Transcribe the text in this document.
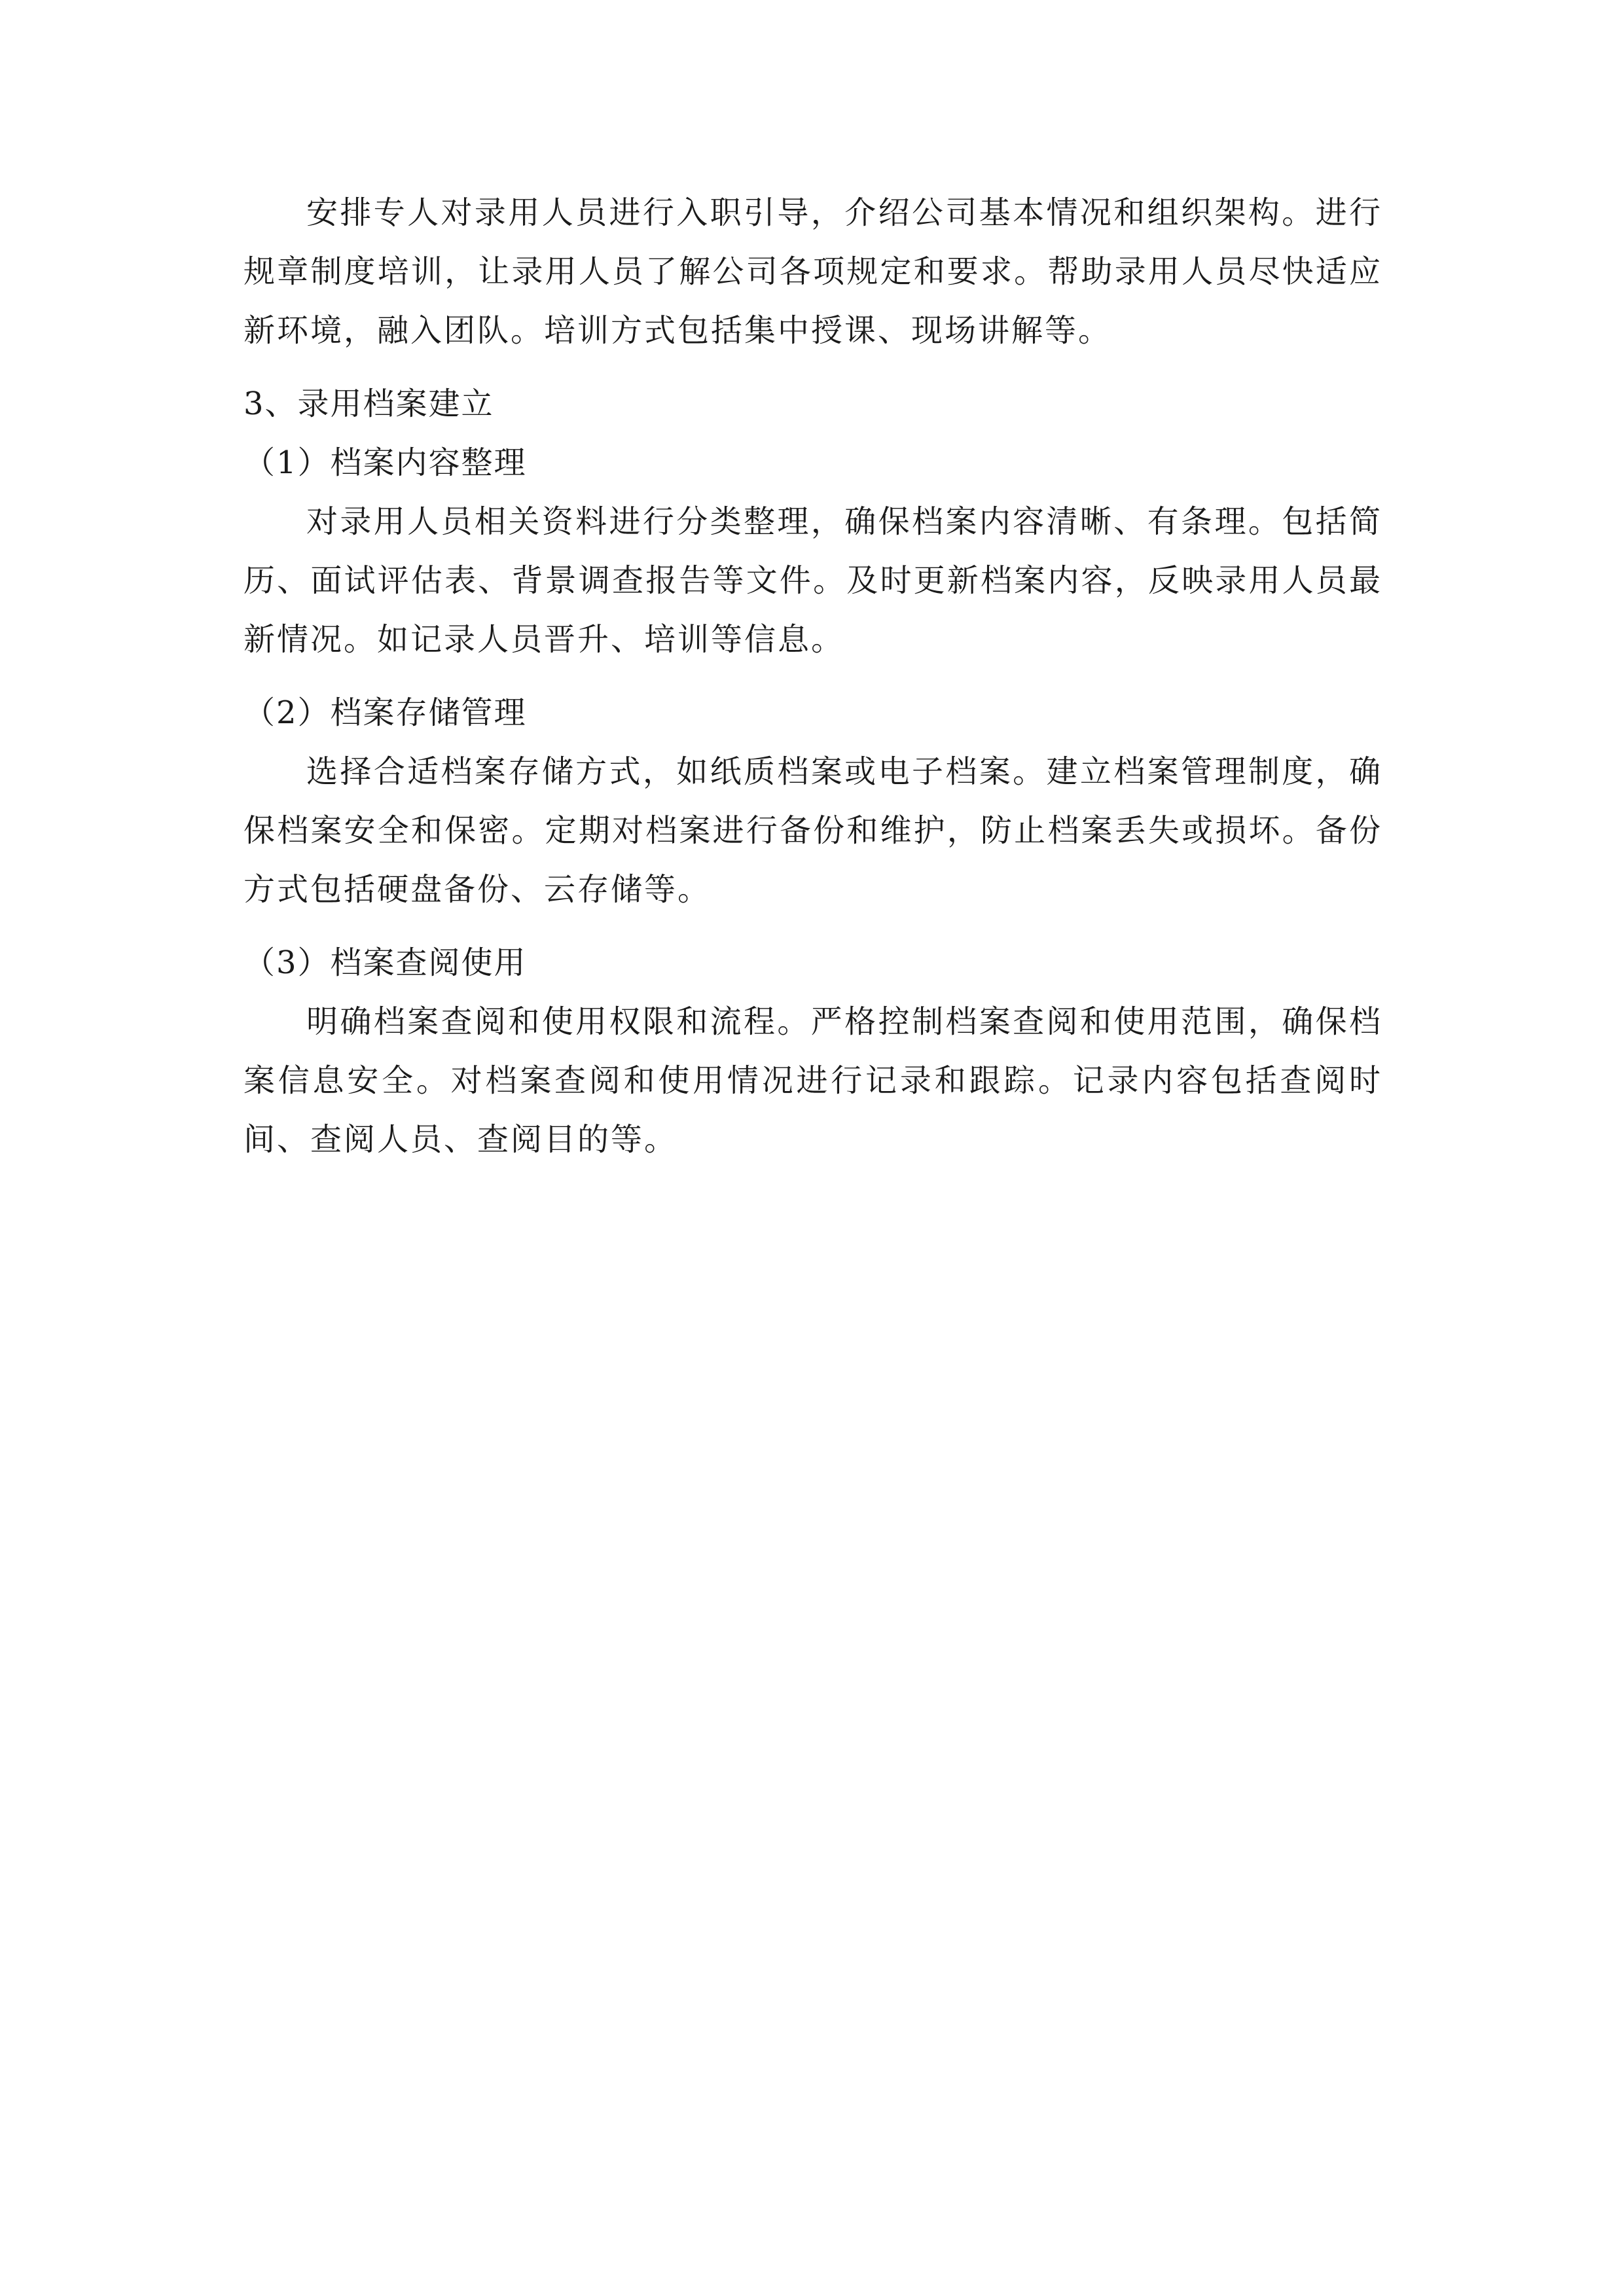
安排专人对录用人员进行入职引导，介绍公司基本情况和组织架构。进行规章制度培训，让录用人员了解公司各项规定和要求。帮助录用人员尽快适应新环境，融入团队。培训方式包括集中授课、现场讲解等。

3、录用档案建立

（1）档案内容整理

对录用人员相关资料进行分类整理，确保档案内容清晰、有条理。包括简历、面试评估表、背景调查报告等文件。及时更新档案内容，反映录用人员最新情况。如记录人员晋升、培训等信息。

（2）档案存储管理

选择合适档案存储方式，如纸质档案或电子档案。建立档案管理制度，确保档案安全和保密。定期对档案进行备份和维护，防止档案丢失或损坏。备份方式包括硬盘备份、云存储等。

（3）档案查阅使用

明确档案查阅和使用权限和流程。严格控制档案查阅和使用范围，确保档案信息安全。对档案查阅和使用情况进行记录和跟踪。记录内容包括查阅时间、查阅人员、查阅目的等。
